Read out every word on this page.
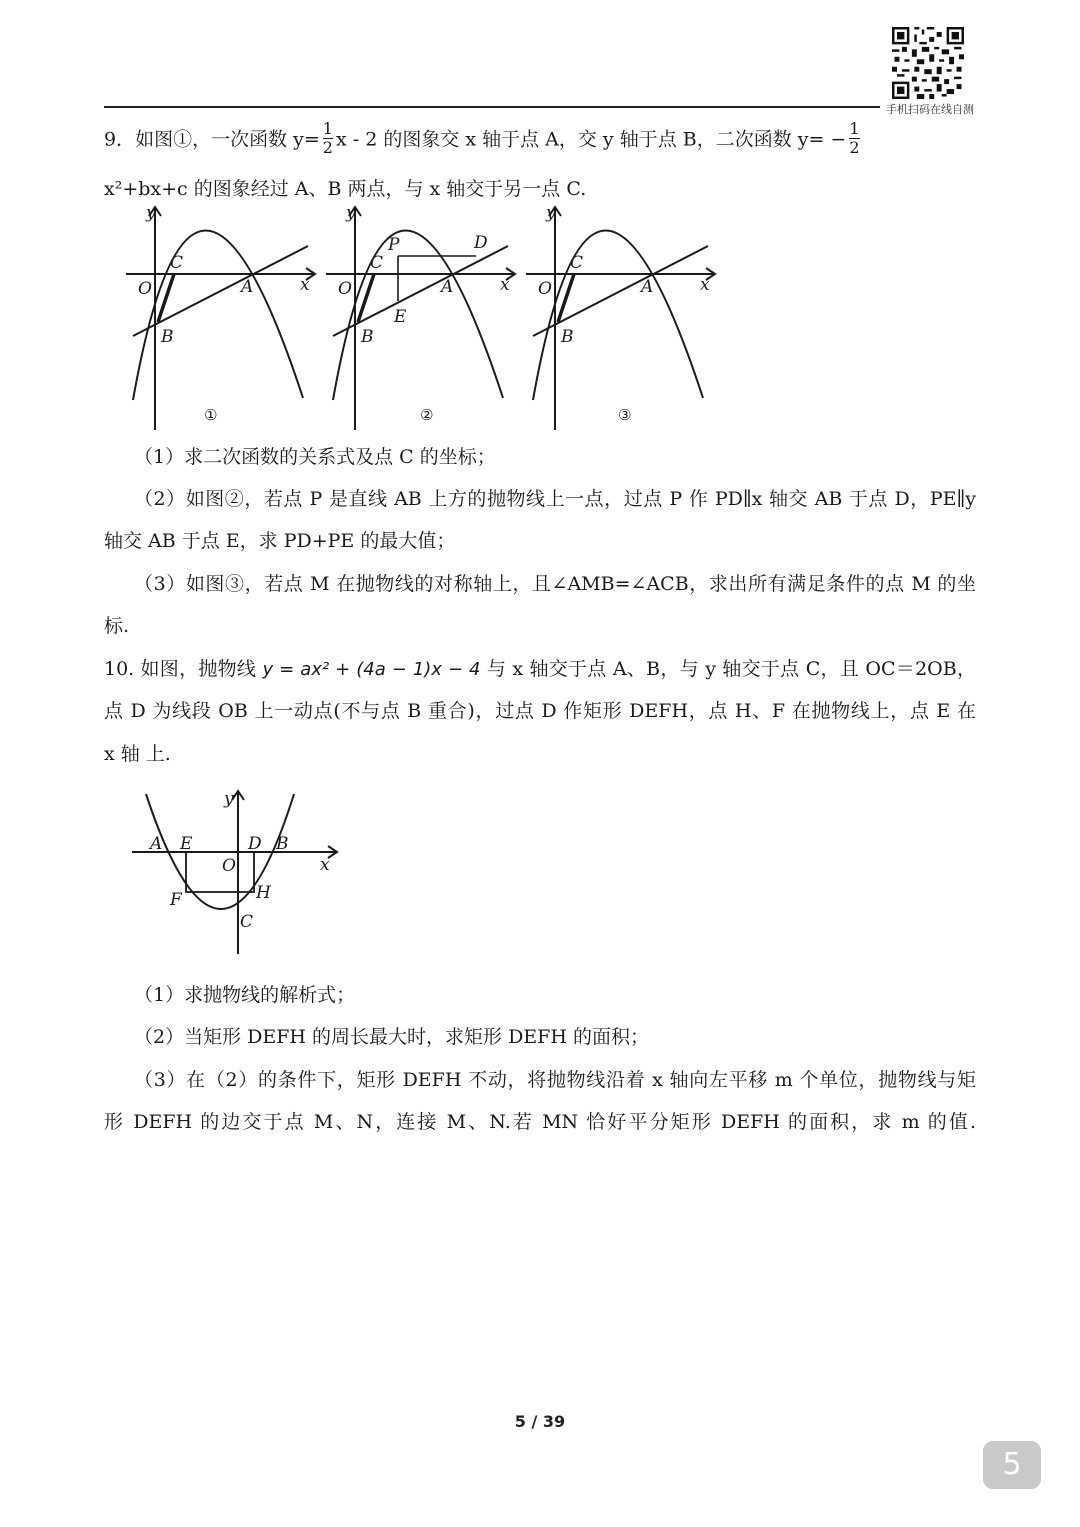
手机扫码在线自测
9．如图①，一次函数 $y= \frac{1}{2}$ x - 2 的图象交 x 轴于点 A，交 y 轴于点 B，二次函数 $y= - \frac{1}{2}$
x²+bx+c 的图象经过 A、B 两点，与 x 轴交于另一点 C.
y
x
O
C
A
B
①
y
x
O
C
P	D
A
E
B
②
y
x
O
C
A
B
③
（1）求二次函数的关系式及点 C 的坐标；
（2）如图②，若点 P 是直线 AB 上方的抛物线上一点，过点 P 作 PD∥x 轴交 AB 于点 D，PE∥y
轴交 AB 于点 E，求 PD+PE 的最大值；
（3）如图③，若点 M 在抛物线的对称轴上，且∠AMB=∠ACB，求出所有满足条件的点 M 的坐
标.
10. 如图，抛物线 y = ax² + (4a − 1)x − 4 与 x 轴交于点 A、B，与 y 轴交于点 C，且 OC＝2OB，
点 D 为线段 OB 上一动点(不与点 B 重合)，过点 D 作矩形 DEFH，点 H、F 在抛物线上，点 E 在
x 轴 上.
y
x
A E
O
D B
F	H
C
（1）求抛物线的解析式；
（2）当矩形 DEFH 的周长最大时，求矩形 DEFH 的面积；
（3）在（2）的条件下，矩形 DEFH 不动，将抛物线沿着 x 轴向左平移 m 个单位，抛物线与矩
形 DEFH 的边交于点 M、N，连接 M、N.若 MN 恰好平分矩形 DEFH 的面积，求 m 的值.
5 / 39
5
